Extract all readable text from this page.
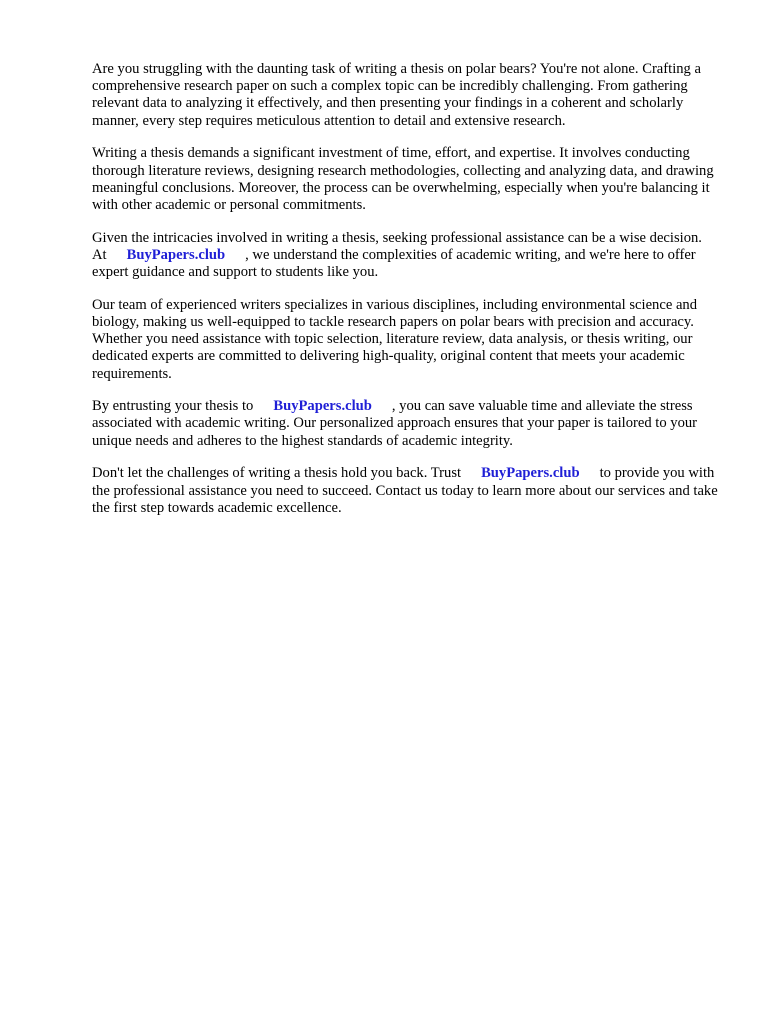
Are you struggling with the daunting task of writing a thesis on polar bears? You're not alone. Crafting a comprehensive research paper on such a complex topic can be incredibly challenging. From gathering relevant data to analyzing it effectively, and then presenting your findings in a coherent and scholarly manner, every step requires meticulous attention to detail and extensive research.

Writing a thesis demands a significant investment of time, effort, and expertise. It involves conducting thorough literature reviews, designing research methodologies, collecting and analyzing data, and drawing meaningful conclusions. Moreover, the process can be overwhelming, especially when you're balancing it with other academic or personal commitments.

Given the intricacies involved in writing a thesis, seeking professional assistance can be a wise decision. At BuyPapers.club , we understand the complexities of academic writing, and we're here to offer expert guidance and support to students like you.

Our team of experienced writers specializes in various disciplines, including environmental science and biology, making us well-equipped to tackle research papers on polar bears with precision and accuracy. Whether you need assistance with topic selection, literature review, data analysis, or thesis writing, our dedicated experts are committed to delivering high-quality, original content that meets your academic requirements.

By entrusting your thesis to BuyPapers.club , you can save valuable time and alleviate the stress associated with academic writing. Our personalized approach ensures that your paper is tailored to your unique needs and adheres to the highest standards of academic integrity.

Don't let the challenges of writing a thesis hold you back. Trust BuyPapers.club to provide you with the professional assistance you need to succeed. Contact us today to learn more about our services and take the first step towards academic excellence.
